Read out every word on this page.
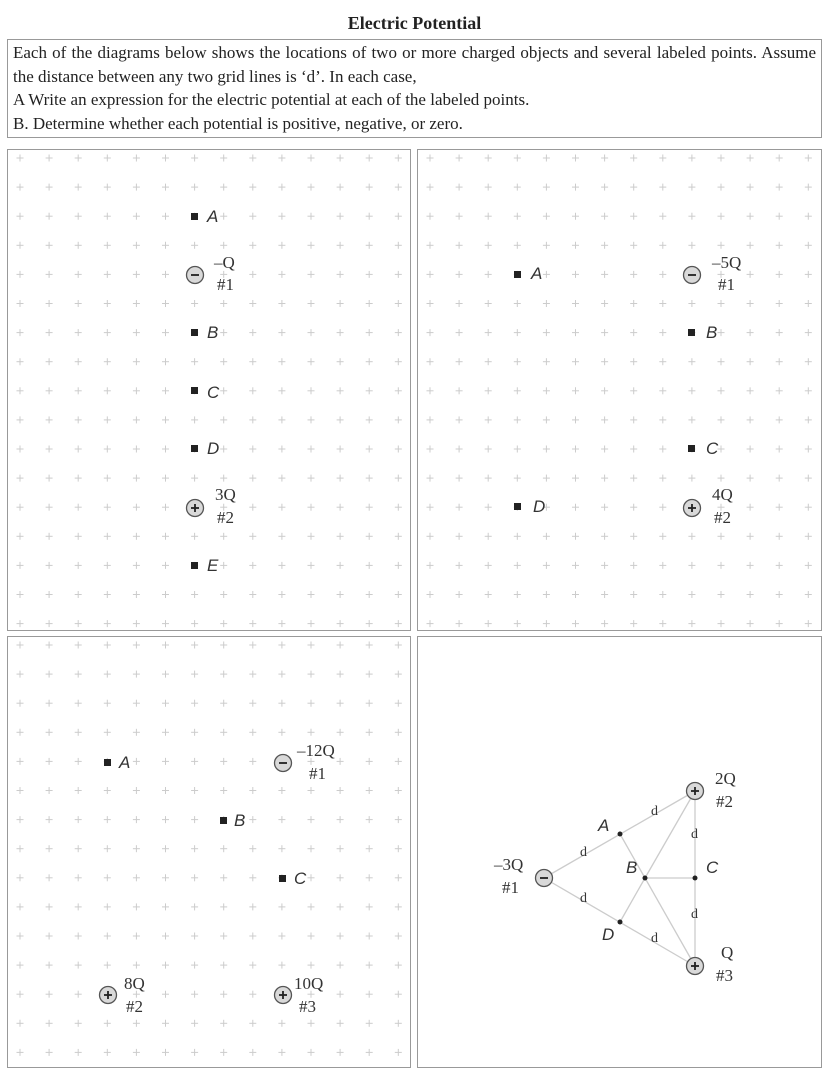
Electric Potential
Each of the diagrams below shows the locations of two or more charged objects and several labeled points. Assume the distance between any two grid lines is ‘d’. In each case,
A Write an expression for the electric potential at each of the labeled points.
B. Determine whether each potential is positive, negative, or zero.
A
–Q
#1
B
C
D
3Q
#2
E
A
–5Q
#1
B
C
D
4Q
#2
A
–12Q
#1
B
C
8Q
#2
10Q
#3
d
d
d
d
d
d
A
B	C
D
–3Q
#1
2Q
#2
Q
#3
